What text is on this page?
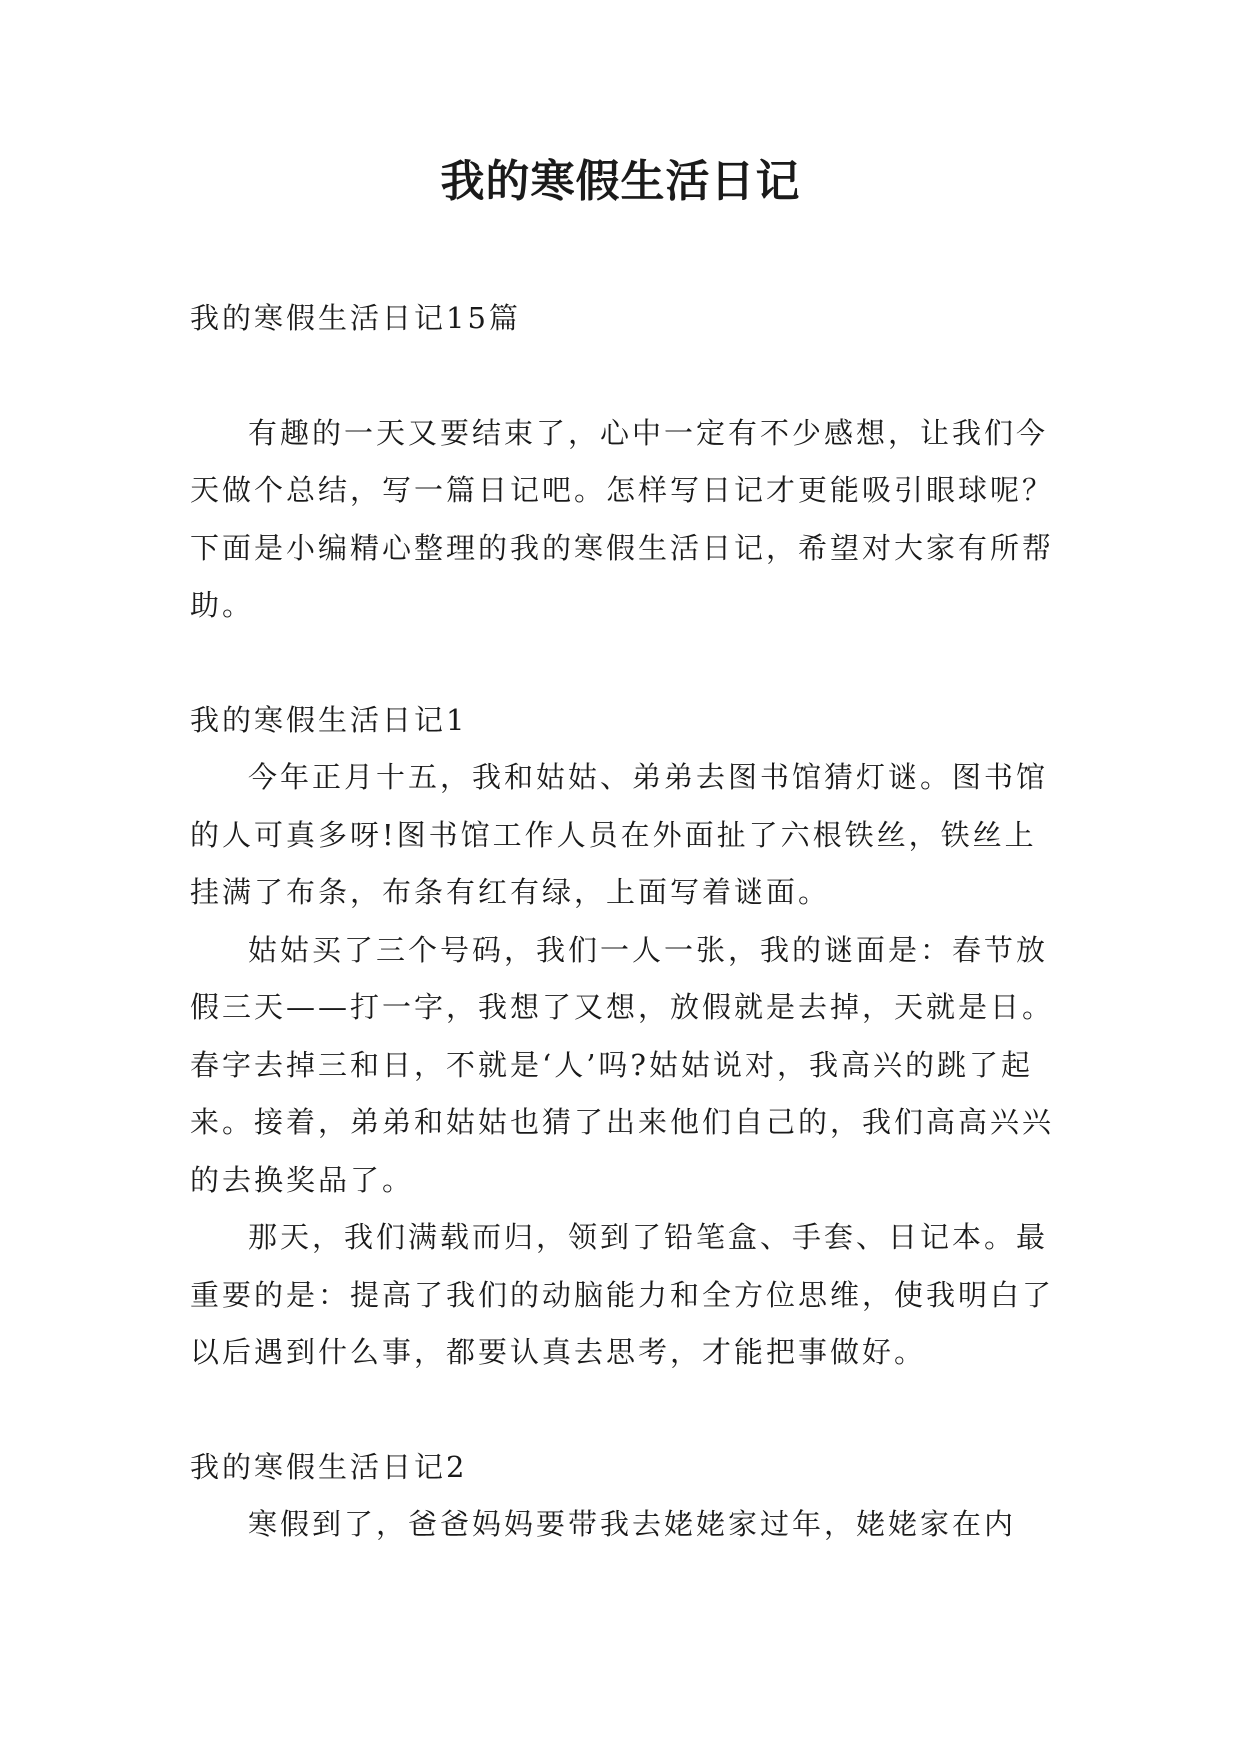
我的寒假生活日记

我的寒假生活日记15篇

有趣的一天又要结束了，心中一定有不少感想，让我们今天做个总结，写一篇日记吧。怎样写日记才更能吸引眼球呢？下面是小编精心整理的我的寒假生活日记，希望对大家有所帮助。

我的寒假生活日记1

今年正月十五，我和姑姑、弟弟去图书馆猜灯谜。图书馆的人可真多呀!图书馆工作人员在外面扯了六根铁丝，铁丝上挂满了布条，布条有红有绿，上面写着谜面。

姑姑买了三个号码，我们一人一张，我的谜面是：春节放假三天——打一字，我想了又想，放假就是去掉，天就是日。春字去掉三和日，不就是‘人’吗?姑姑说对，我高兴的跳了起来。接着，弟弟和姑姑也猜了出来他们自己的，我们高高兴兴的去换奖品了。

那天，我们满载而归，领到了铅笔盒、手套、日记本。最重要的是：提高了我们的动脑能力和全方位思维，使我明白了以后遇到什么事，都要认真去思考，才能把事做好。

我的寒假生活日记2

寒假到了，爸爸妈妈要带我去姥姥家过年，姥姥家在内
